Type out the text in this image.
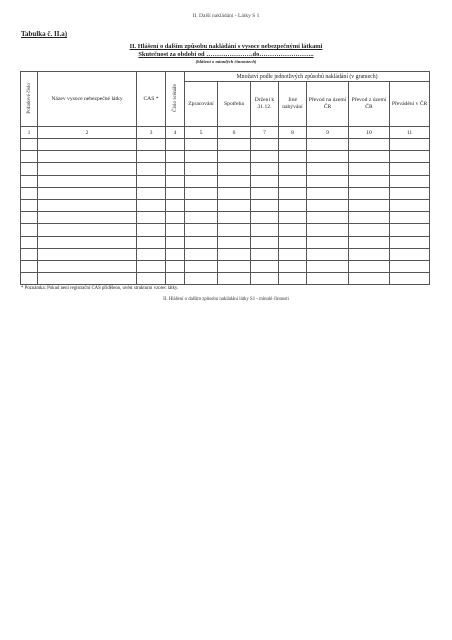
II. Další nakládání - Látky S 1
Tabulka č. II.a)
II. Hlášení o dalším způsobu nakládání s vysoce nebezpečnými látkami
Skutečnost za období od ………………….do……………………..
(hlášení o minulých činnostech)
Pořadové číslo	Název vysoce nebezpečné látky	CAS *	Číslo scénáře	Množství podle jednotlivých způsobů nakládání (v gramech)						
				Zpracování	Spotřeba	Držení k 31.12.	Jiné nabývání	Převod na území ČR	Převod z území ČR	Převádění v ČR
1	2	3	4	5	6	7	8	9	10	11

* Poznámka: Pokud není registrační CAS přiděleno, uvést strukturní vzorec látky.
II. Hlášení o dalším způsobu nakládání látky S1 - minulé činnosti
